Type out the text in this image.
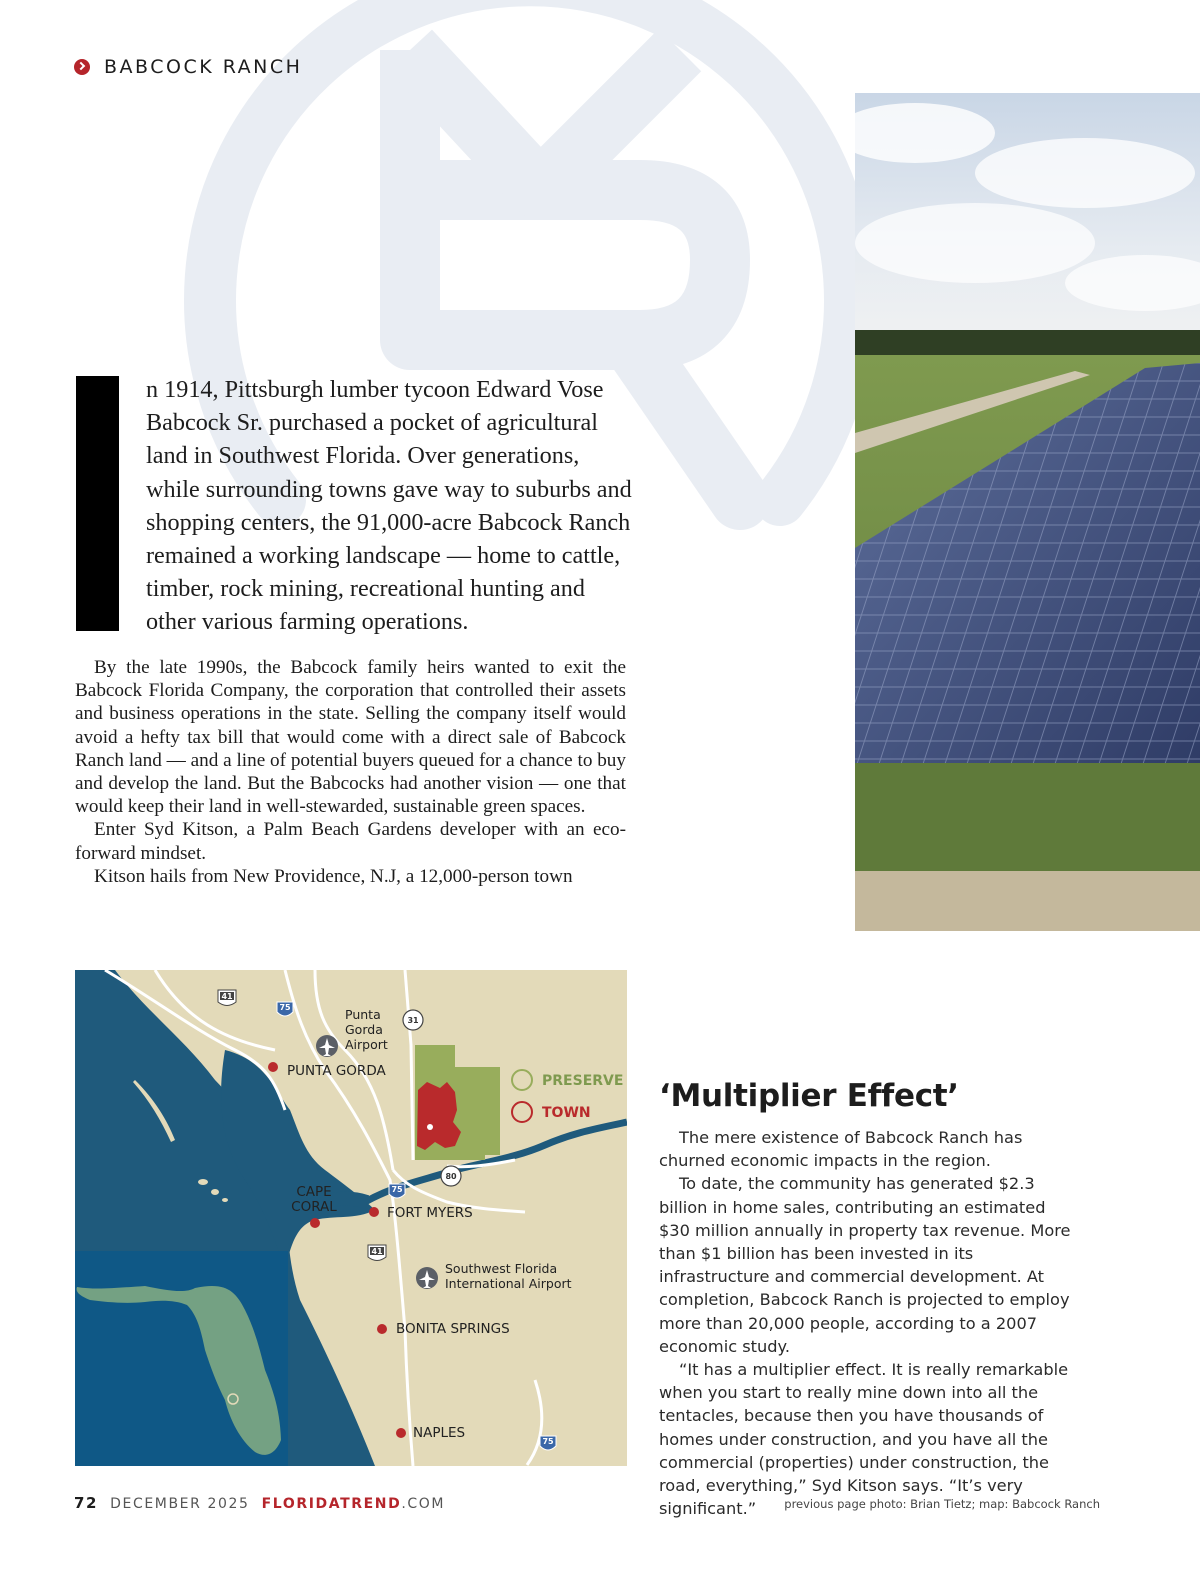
BABCOCK RANCH

n 1914, Pittsburgh lumber tycoon Edward Vose Babcock Sr. purchased a pocket of agricultural land in Southwest Florida. Over generations, while surrounding towns gave way to suburbs and shopping centers, the 91,000-acre Babcock Ranch remained a working landscape — home to cattle, timber, rock mining, recreational hunting and other various farming operations.

By the late 1990s, the Babcock family heirs wanted to exit the Babcock Florida Company, the corporation that controlled their assets and business operations in the state. Selling the company itself would avoid a hefty tax bill that would come with a direct sale of Babcock Ranch land — and a line of potential buyers queued for a chance to buy and develop the land. But the Babcocks had another vision — one that would keep their land in well-stewarded, sustainable green spaces.

Enter Syd Kitson, a Palm Beach Gardens developer with an eco-forward mindset.

Kitson hails from New Providence, N.J, a 12,000-person town

41
75
31
80
75
41
75
Punta
Gorda
Airport
PUNTA GORDA
CAPE
CORAL	FORT MYERS
Southwest Florida
International Airport
BONITA SPRINGS
NAPLES
PRESERVE
TOWN ‘Multiplier Effect’

The mere existence of Babcock Ranch has churned economic impacts in the region.

To date, the community has generated $2.3 billion in home sales, contributing an estimated $30 million annually in property tax revenue. More than $1 billion has been invested in its infrastructure and commercial development. At completion, Babcock Ranch is projected to employ more than 20,000 people, according to a 2007 economic study.

“It has a multiplier effect. It is really remarkable when you start to really mine down into all the tentacles, because then you have thousands of homes under construction, and you have all the commercial (properties) under construction, the road, everything,” Syd Kitson says. “It’s very significant.”

72 DECEMBER 2025 FLORIDATREND.COM	previous page photo: Brian Tietz; map: Babcock Ranch
